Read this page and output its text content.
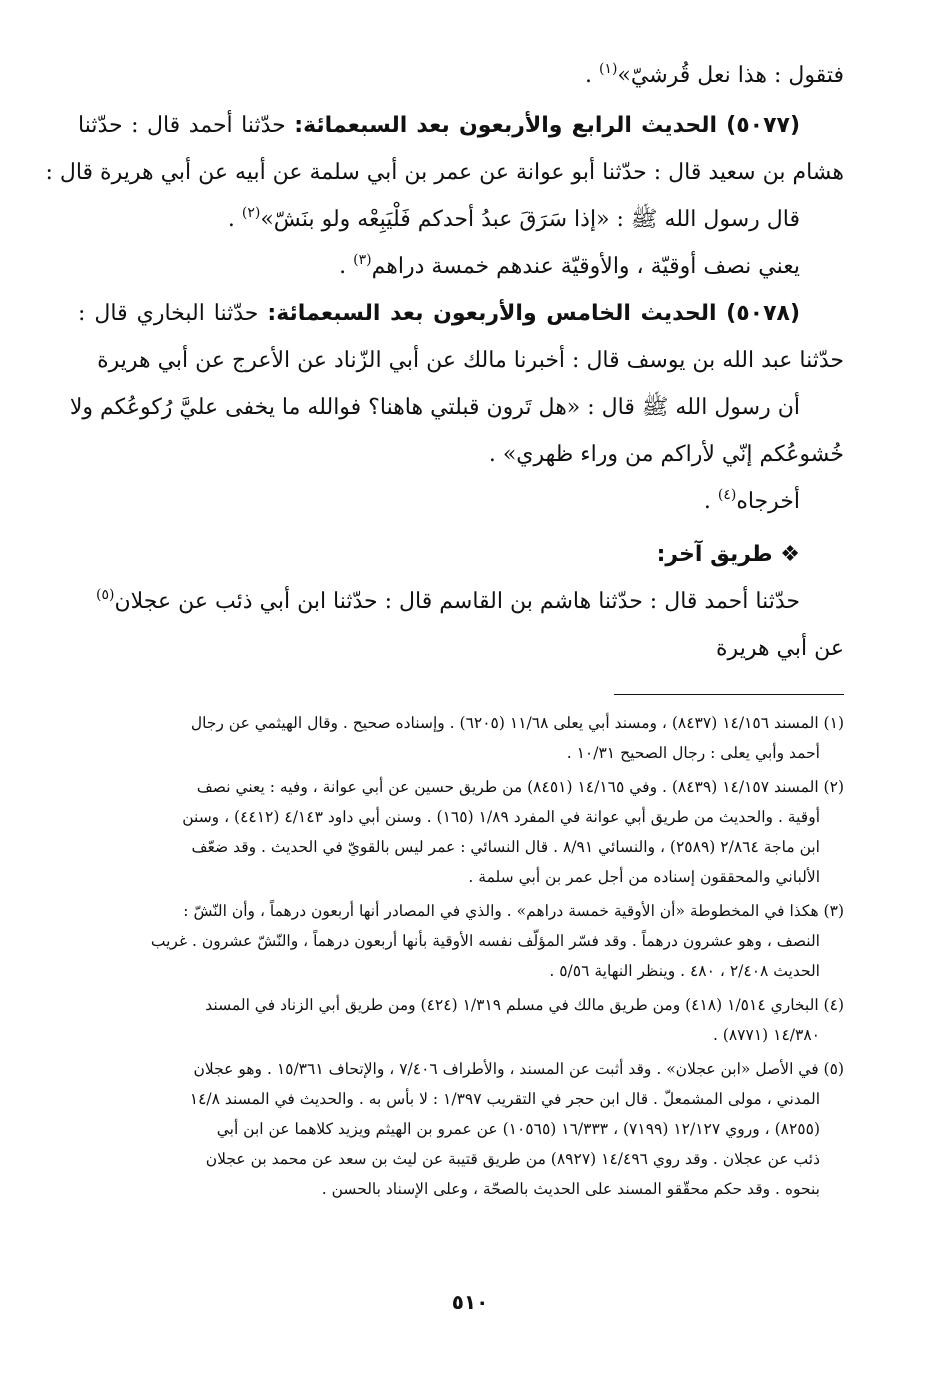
فتقول : هذا نعل قُرشيّ»$^{(١)}$ .
(٥٠٧٧) الحديث الرابع والأربعون بعد السبعمائة: حدّثنا أحمد قال : حدّثنا
هشام بن سعيد قال : حدّثنا أبو عوانة عن عمر بن أبي سلمة عن أبيه عن أبي هريرة قال :
قال رسول الله ﷺ : «إذا سَرَقَ عبدُ أحدكم فَلْيَبِعْه ولو بنَشّ»$^{(٢)}$ .
يعني نصف أوقيّة ، والأوقيّة عندهم خمسة دراهم$^{(٣)}$ .
(٥٠٧٨) الحديث الخامس والأربعون بعد السبعمائة: حدّثنا البخاري قال :
حدّثنا عبد الله بن يوسف قال : أخبرنا مالك عن أبي الزّناد عن الأعرج عن أبي هريرة
أن رسول الله ﷺ قال : «هل تَرون قبلتي هاهنا؟ فوالله ما يخفى عليَّ رُكوعُكم ولا
خُشوعُكم إنّي لأراكم من وراء ظهري» .
أخرجاه$^{(٤)}$ .
❖ طريق آخر:
حدّثنا أحمد قال : حدّثنا هاشم بن القاسم قال : حدّثنا ابن أبي ذئب عن عجلان$^{(٥)}$
عن أبي هريرة
(١) المسند ١٤/١٥٦ (٨٤٣٧) ، ومسند أبي يعلى ١١/٦٨ (٦٢٠٥) . وإسناده صحيح . وقال الهيثمي عن رجال
أحمد وأبي يعلى : رجال الصحيح ١٠/٣١ .
(٢) المسند ١٤/١٥٧ (٨٤٣٩) . وفي ١٤/١٦٥ (٨٤٥١) من طريق حسين عن أبي عوانة ، وفيه : يعني نصف
أوقية . والحديث من طريق أبي عوانة في المفرد ١/٨٩ (١٦٥) . وسنن أبي داود ٤/١٤٣ (٤٤١٢) ، وسنن
ابن ماجة ٢/٨٦٤ (٢٥٨٩) ، والنسائي ٨/٩١ . قال النسائي : عمر ليس بالقويّ في الحديث . وقد ضعّف
الألباني والمحققون إسناده من أجل عمر بن أبي سلمة .
(٣) هكذا في المخطوطة «أن الأوقية خمسة دراهم» . والذي في المصادر أنها أربعون درهماً ، وأن النّشّ :
النصف ، وهو عشرون درهماً . وقد فسّر المؤلّف نفسه الأوقية بأنها أربعون درهماً ، والنّشّ عشرون . غريب
الحديث ٢/٤٠٨ ، ٤٨٠ . وينظر النهاية ٥/٥٦ .
(٤) البخاري ١/٥١٤ (٤١٨) ومن طريق مالك في مسلم ١/٣١٩ (٤٢٤) ومن طريق أبي الزناد في المسند
١٤/٣٨٠ (٨٧٧١) .
(٥) في الأصل «ابن عجلان» . وقد أثبت عن المسند ، والأطراف ٧/٤٠٦ ، والإتحاف ١٥/٣٦١ . وهو عجلان
المدني ، مولى المشمعلّ . قال ابن حجر في التقريب ١/٣٩٧ : لا بأس به . والحديث في المسند ١٤/٨
(٨٢٥٥) ، وروي ١٢/١٢٧ (٧١٩٩) ، ١٦/٣٣٣ (١٠٥٦٥) عن عمرو بن الهيثم ويزيد كلاهما عن ابن أبي
ذئب عن عجلان . وقد روي ١٤/٤٩٦ (٨٩٢٧) من طريق قتيبة عن ليث بن سعد عن محمد بن عجلان
بنحوه . وقد حكم محقّقو المسند على الحديث بالصحّة ، وعلى الإسناد بالحسن .
٥١٠
